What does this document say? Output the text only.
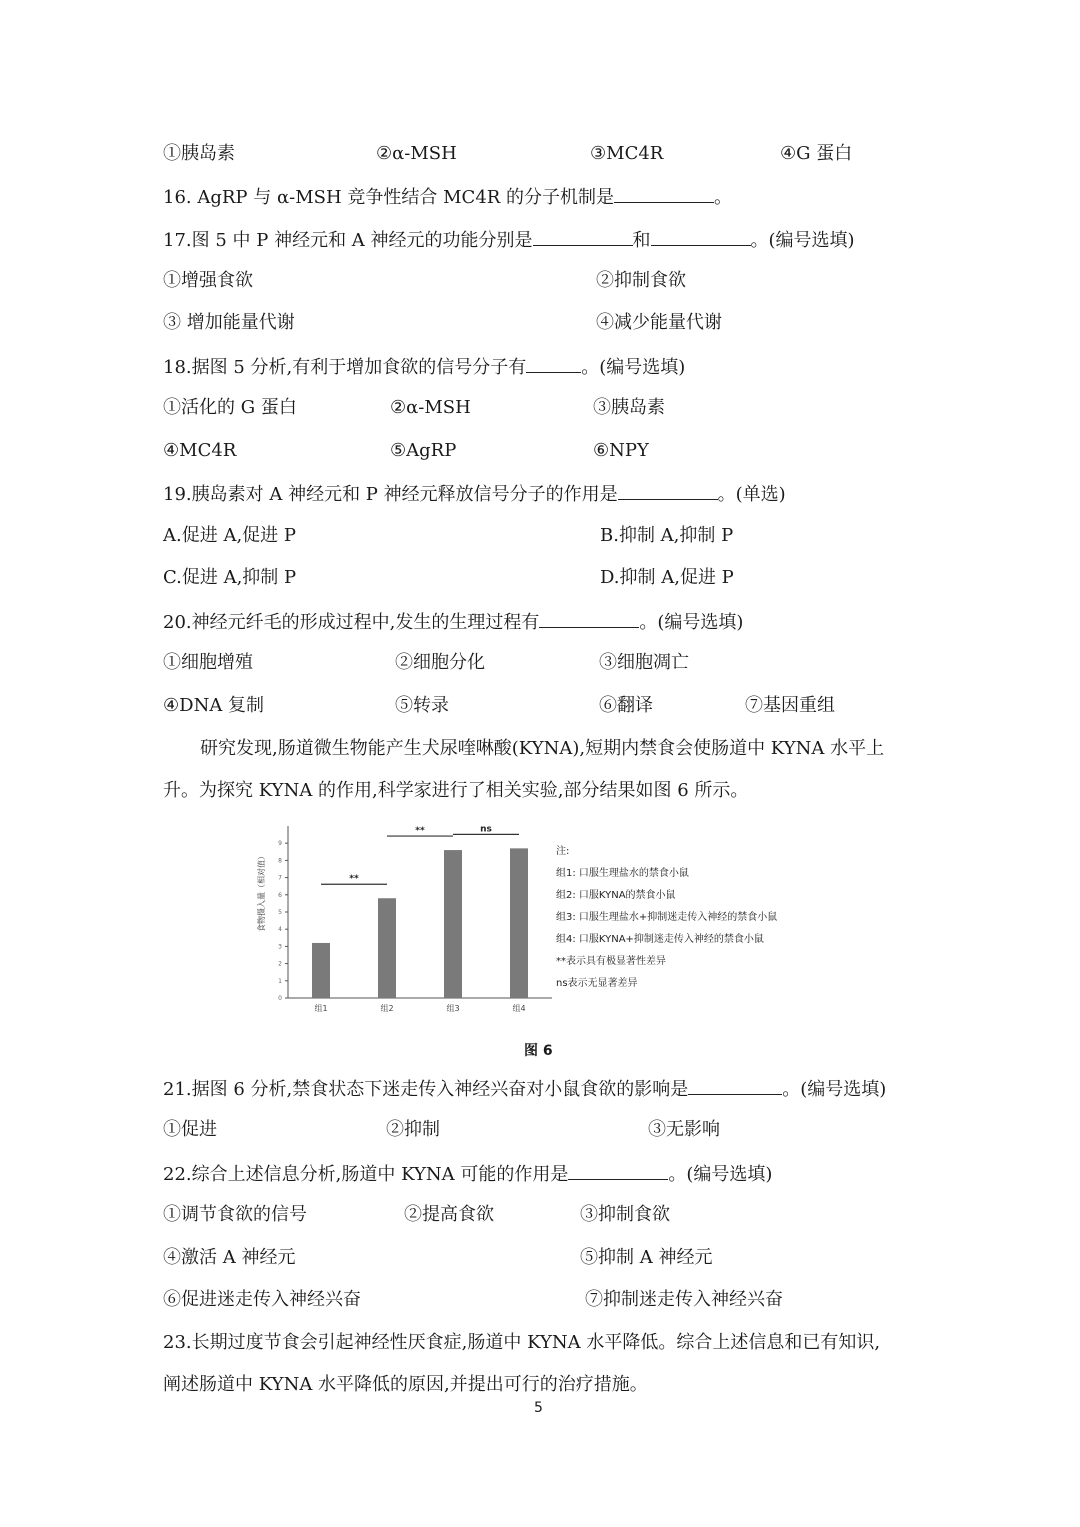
①胰岛素	②α-MSH	③MC4R	④G 蛋白
16. AgRP 与 α-MSH 竞争性结合 MC4R 的分子机制是	。
17.图 5 中 P 神经元和 A 神经元的功能分别是	和	。(编号选填)
①增强食欲	②抑制食欲
③ 增加能量代谢	④减少能量代谢
18.据图 5 分析,有利于增加食欲的信号分子有	。(编号选填)
①活化的 G 蛋白	②α-MSH	③胰岛素
④MC4R	⑤AgRP	⑥NPY
19.胰岛素对 A 神经元和 P 神经元释放信号分子的作用是	。(单选)
A.促进 A,促进 P	B.抑制 A,抑制 P
C.促进 A,抑制 P	D.抑制 A,促进 P
20.神经元纤毛的形成过程中,发生的生理过程有	。(编号选填)
①细胞增殖	②细胞分化	③细胞凋亡
④DNA 复制	⑤转录	⑥翻译	⑦基因重组
研究发现,肠道微生物能产生犬尿喹啉酸(KYNA),短期内禁食会使肠道中 KYNA 水平上
升。为探究 KYNA 的作用,科学家进行了相关实验,部分结果如图 6 所示。
0
1
2
3
4
5
6
7
8
9
食物摄入量（相对值）	**
**	ns
组1	组2	组3	组4
注:
组1: 口服生理盐水的禁食小鼠
组2: 口服KYNA的禁食小鼠
组3: 口服生理盐水+抑制迷走传入神经的禁食小鼠
组4: 口服KYNA+抑制迷走传入神经的禁食小鼠
**表示具有极显著性差异
ns表示无显著差异
图 6
21.据图 6 分析,禁食状态下迷走传入神经兴奋对小鼠食欲的影响是	。(编号选填)
①促进	②抑制	③无影响
22.综合上述信息分析,肠道中 KYNA 可能的作用是	。(编号选填)
①调节食欲的信号	②提高食欲	③抑制食欲
④激活 A 神经元	⑤抑制 A 神经元
⑥促进迷走传入神经兴奋	⑦抑制迷走传入神经兴奋
23.长期过度节食会引起神经性厌食症,肠道中 KYNA 水平降低。综合上述信息和已有知识,
阐述肠道中 KYNA 水平降低的原因,并提出可行的治疗措施。
5
